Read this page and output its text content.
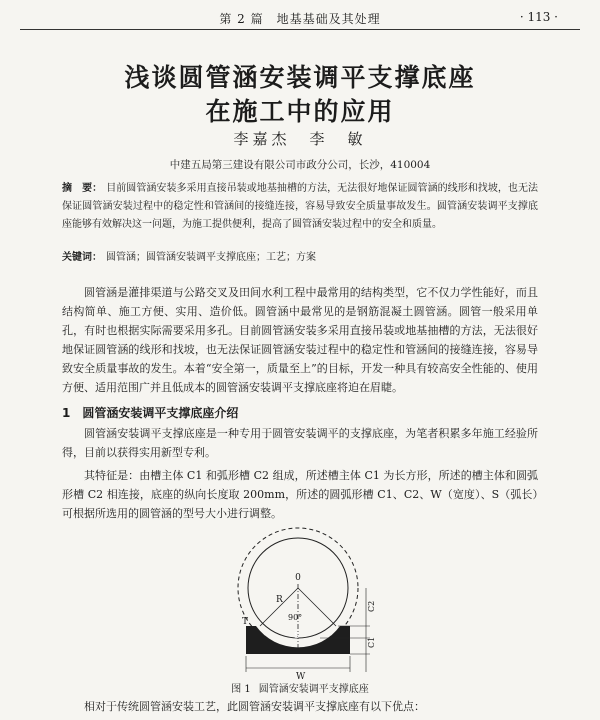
第 2 篇　地基基础及其处理	· 113 ·
浅谈圆管涵安装调平支撑底座
在施工中的应用
李嘉杰　李　敏
中建五局第三建设有限公司市政分公司，长沙，410004
摘　要： 目前圆管涵安装多采用直接吊装或地基抽槽的方法，无法很好地保证圆管涵的线形和找坡，也无法保证圆管涵安装过程中的稳定性和管涵间的接缝连接，容易导致安全质量事故发生。圆管涵安装调平支撑底座能够有效解决这一问题，为施工提供便利，提高了圆管涵安装过程中的安全和质量。
关键词： 圆管涵；圆管涵安装调平支撑底座；工艺；方案

圆管涵是灌排渠道与公路交叉及田间水利工程中最常用的结构类型，它不仅力学性能好，而且结构简单、施工方便、实用、造价低。圆管涵中最常见的是钢筋混凝土圆管涵。圆管一般采用单孔，有时也根据实际需要采用多孔。目前圆管涵安装多采用直接吊装或地基抽槽的方法，无法很好地保证圆管涵的线形和找坡，也无法保证圆管涵安装过程中的稳定性和管涵间的接缝连接，容易导致安全质量事故的发生。本着“安全第一，质量至上”的目标，开发一种具有较高安全性能的、使用方便、适用范围广并且低成本的圆管涵安装调平支撑底座将迫在眉睫。

1 圆管涵安装调平支撑底座介绍

圆管涵安装调平支撑底座是一种专用于圆管安装调平的支撑底座，为笔者积累多年施工经验所得，目前以获得实用新型专利。

其特征是：由槽主体 C1 和弧形槽 C2 组成，所述槽主体 C1 为长方形，所述的槽主体和圆弧形槽 C2 相连接，底座的纵向长度取 200mm，所述的圆弧形槽 C1、C2、W（宽度）、S（弧长）可根据所选用的圆管涵的型号大小进行调整。

0
R
90°
T
S
W
C2
C1
图 1 圆管涵安装调平支撑底座

相对于传统圆管涵安装工艺，此圆管涵安装调平支撑底座有以下优点：
